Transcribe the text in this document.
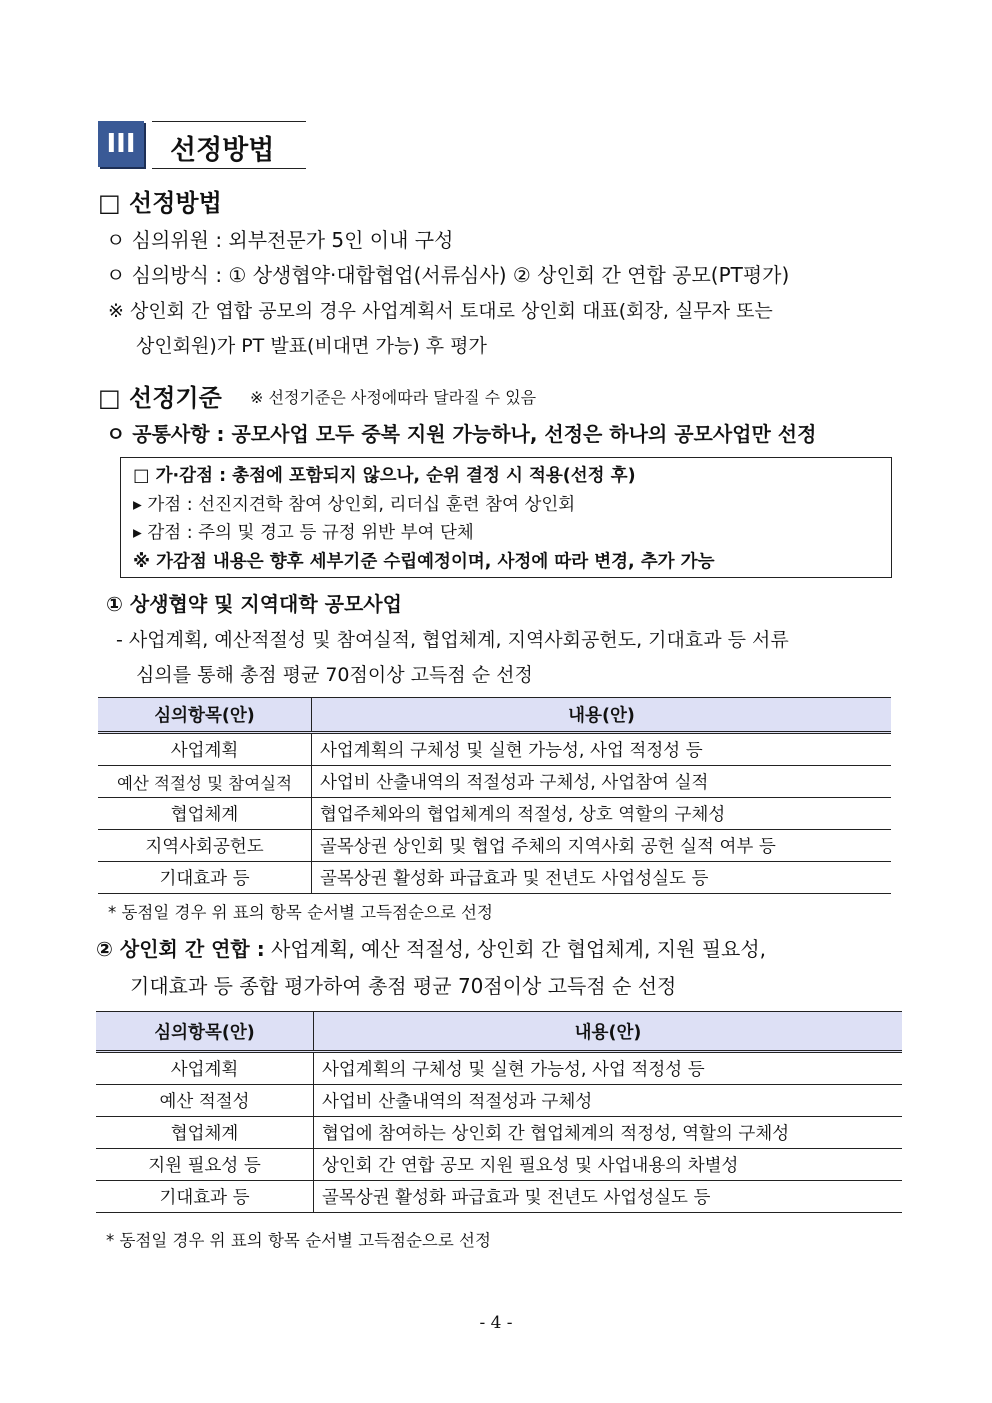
III	선정방법
□ 선정방법
ㅇ 심의위원 : 외부전문가 5인 이내 구성
ㅇ 심의방식 : ① 상생협약·대합협업(서류심사) ② 상인회 간 연합 공모(PT평가)
※ 상인회 간 엽합 공모의 경우 사업계획서 토대로 상인회 대표(회장, 실무자 또는
상인회원)가 PT 발표(비대면 가능) 후 평가
□ 선정기준 ※ 선정기준은 사정에따라 달라질 수 있음
ㅇ 공통사항 : 공모사업 모두 중복 지원 가능하나, 선정은 하나의 공모사업만 선정
□ 가·감점 : 총점에 포함되지 않으나, 순위 결정 시 적용(선정 후)
▸ 가점 : 선진지견학 참여 상인회, 리더십 훈련 참여 상인회
▸ 감점 : 주의 및 경고 등 규정 위반 부여 단체
※ 가감점 내용은 향후 세부기준 수립예정이며, 사정에 따라 변경, 추가 가능
① 상생협약 및 지역대학 공모사업
- 사업계획, 예산적절성 및 참여실적, 협업체계, 지역사회공헌도, 기대효과 등 서류
심의를 통해 총점 평균 70점이상 고득점 순 선정
심의항목(안)	내용(안)
사업계획	사업계획의 구체성 및 실현 가능성, 사업 적정성 등
예산 적절성 및 참여실적	사업비 산출내역의 적절성과 구체성, 사업참여 실적
협업체계	협업주체와의 협업체계의 적절성, 상호 역할의 구체성
지역사회공헌도	골목상권 상인회 및 협업 주체의 지역사회 공헌 실적 여부 등
기대효과 등	골목상권 활성화 파급효과 및 전년도 사업성실도 등
* 동점일 경우 위 표의 항목 순서별 고득점순으로 선정
② 상인회 간 연합 : 사업계획, 예산 적절성, 상인회 간 협업체계, 지원 필요성,
기대효과 등 종합 평가하여 총점 평균 70점이상 고득점 순 선정
심의항목(안)	내용(안)
사업계획	사업계획의 구체성 및 실현 가능성, 사업 적정성 등
예산 적절성	사업비 산출내역의 적절성과 구체성
협업체계	협업에 참여하는 상인회 간 협업체계의 적정성, 역할의 구체성
지원 필요성 등	상인회 간 연합 공모 지원 필요성 및 사업내용의 차별성
기대효과 등	골목상권 활성화 파급효과 및 전년도 사업성실도 등
* 동점일 경우 위 표의 항목 순서별 고득점순으로 선정
- 4 -
